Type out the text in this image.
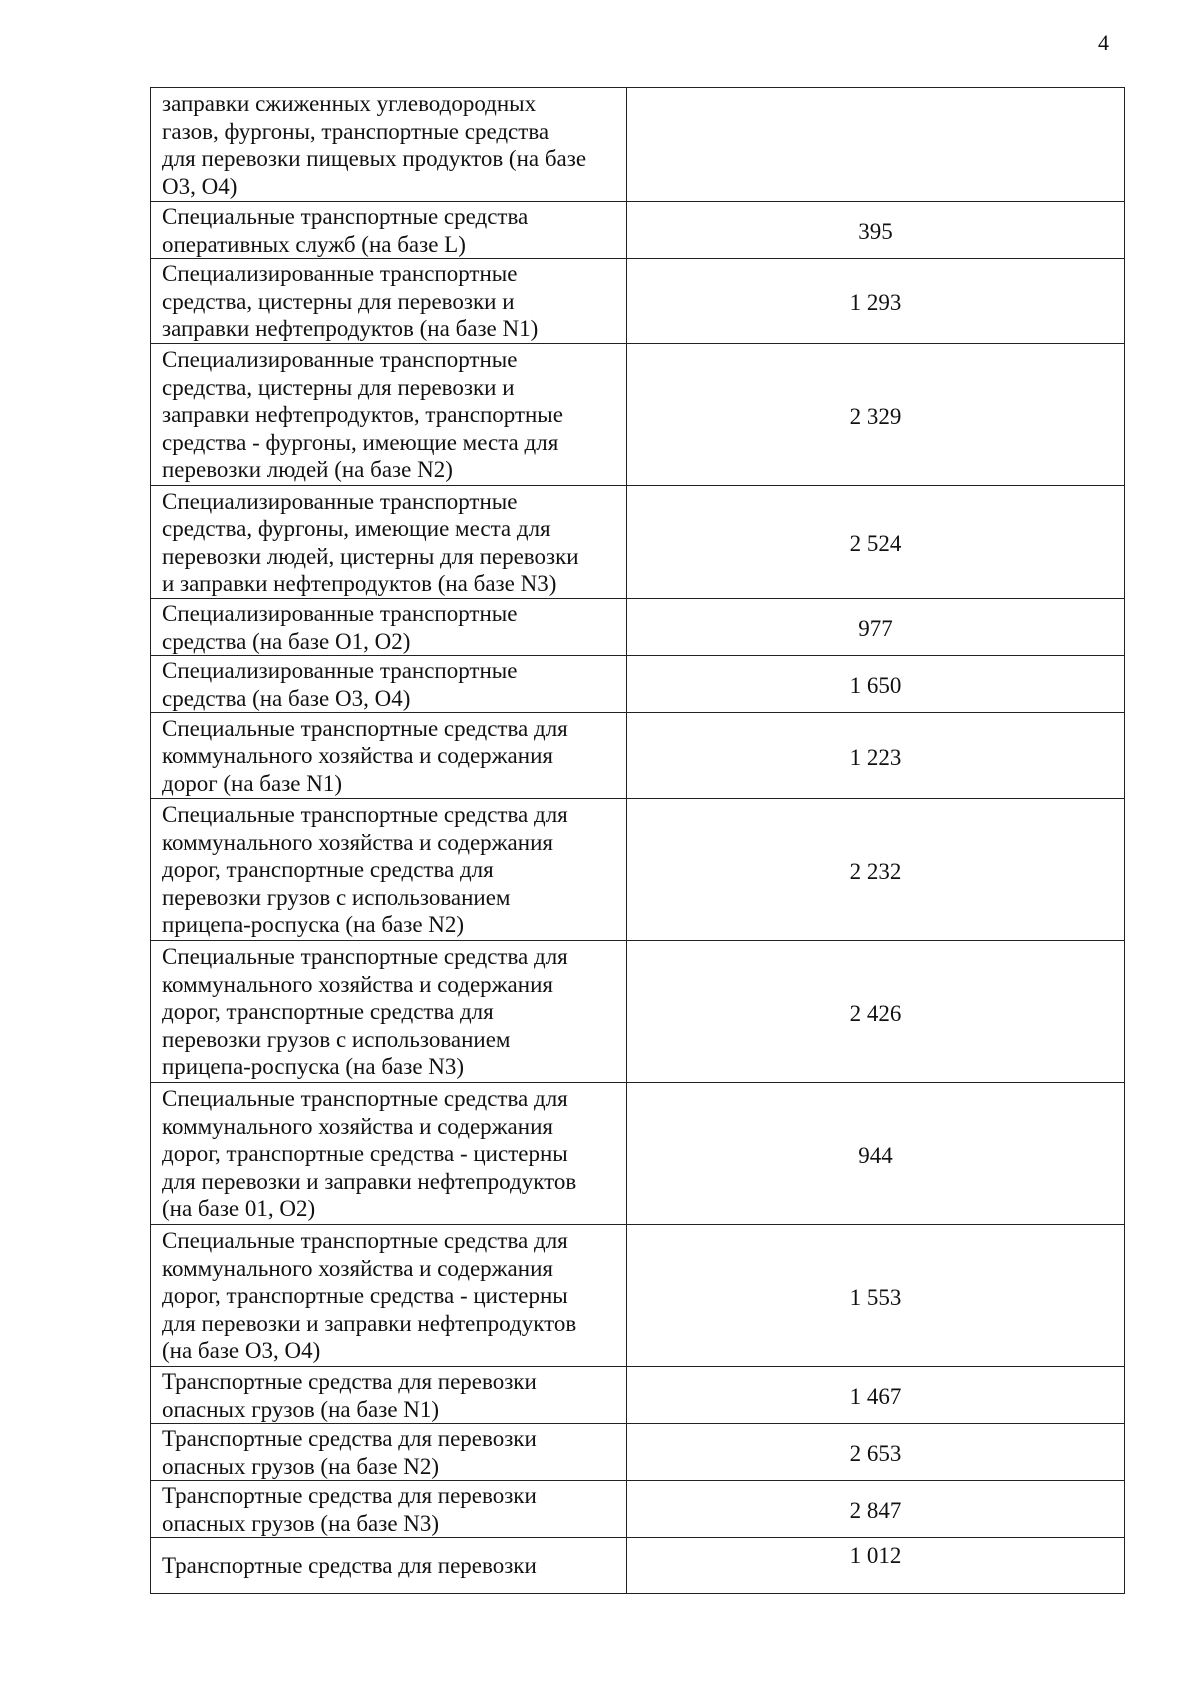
4
заправки сжиженных углеводородных
газов, фургоны, транспортные средства
для перевозки пищевых продуктов (на базе
O3, O4)	

Специальные транспортные средства
оперативных служб (на базе L)	395

Специализированные транспортные
средства, цистерны для перевозки и
заправки нефтепродуктов (на базе N1)	1 293

Специализированные транспортные
средства, цистерны для перевозки и
заправки нефтепродуктов, транспортные
средства - фургоны, имеющие места для
перевозки людей (на базе N2)	2 329

Специализированные транспортные
средства, фургоны, имеющие места для
перевозки людей, цистерны для перевозки
и заправки нефтепродуктов (на базе N3)	2 524

Специализированные транспортные
средства (на базе O1, O2)	977

Специализированные транспортные
средства (на базе O3, O4)	1 650

Специальные транспортные средства для
коммунального хозяйства и содержания
дорог (на базе N1)	1 223

Специальные транспортные средства для
коммунального хозяйства и содержания
дорог, транспортные средства для
перевозки грузов с использованием
прицепа-роспуска (на базе N2)	2 232

Специальные транспортные средства для
коммунального хозяйства и содержания
дорог, транспортные средства для
перевозки грузов с использованием
прицепа-роспуска (на базе N3)	2 426

Специальные транспортные средства для
коммунального хозяйства и содержания
дорог, транспортные средства - цистерны
для перевозки и заправки нефтепродуктов
(на базе 01, O2)	944

Специальные транспортные средства для
коммунального хозяйства и содержания
дорог, транспортные средства - цистерны
для перевозки и заправки нефтепродуктов
(на базе O3, O4)	1 553

Транспортные средства для перевозки
опасных грузов (на базе N1)	1 467

Транспортные средства для перевозки
опасных грузов (на базе N2)	2 653

Транспортные средства для перевозки
опасных грузов (на базе N3)	2 847

Транспортные средства для перевозки	1 012
